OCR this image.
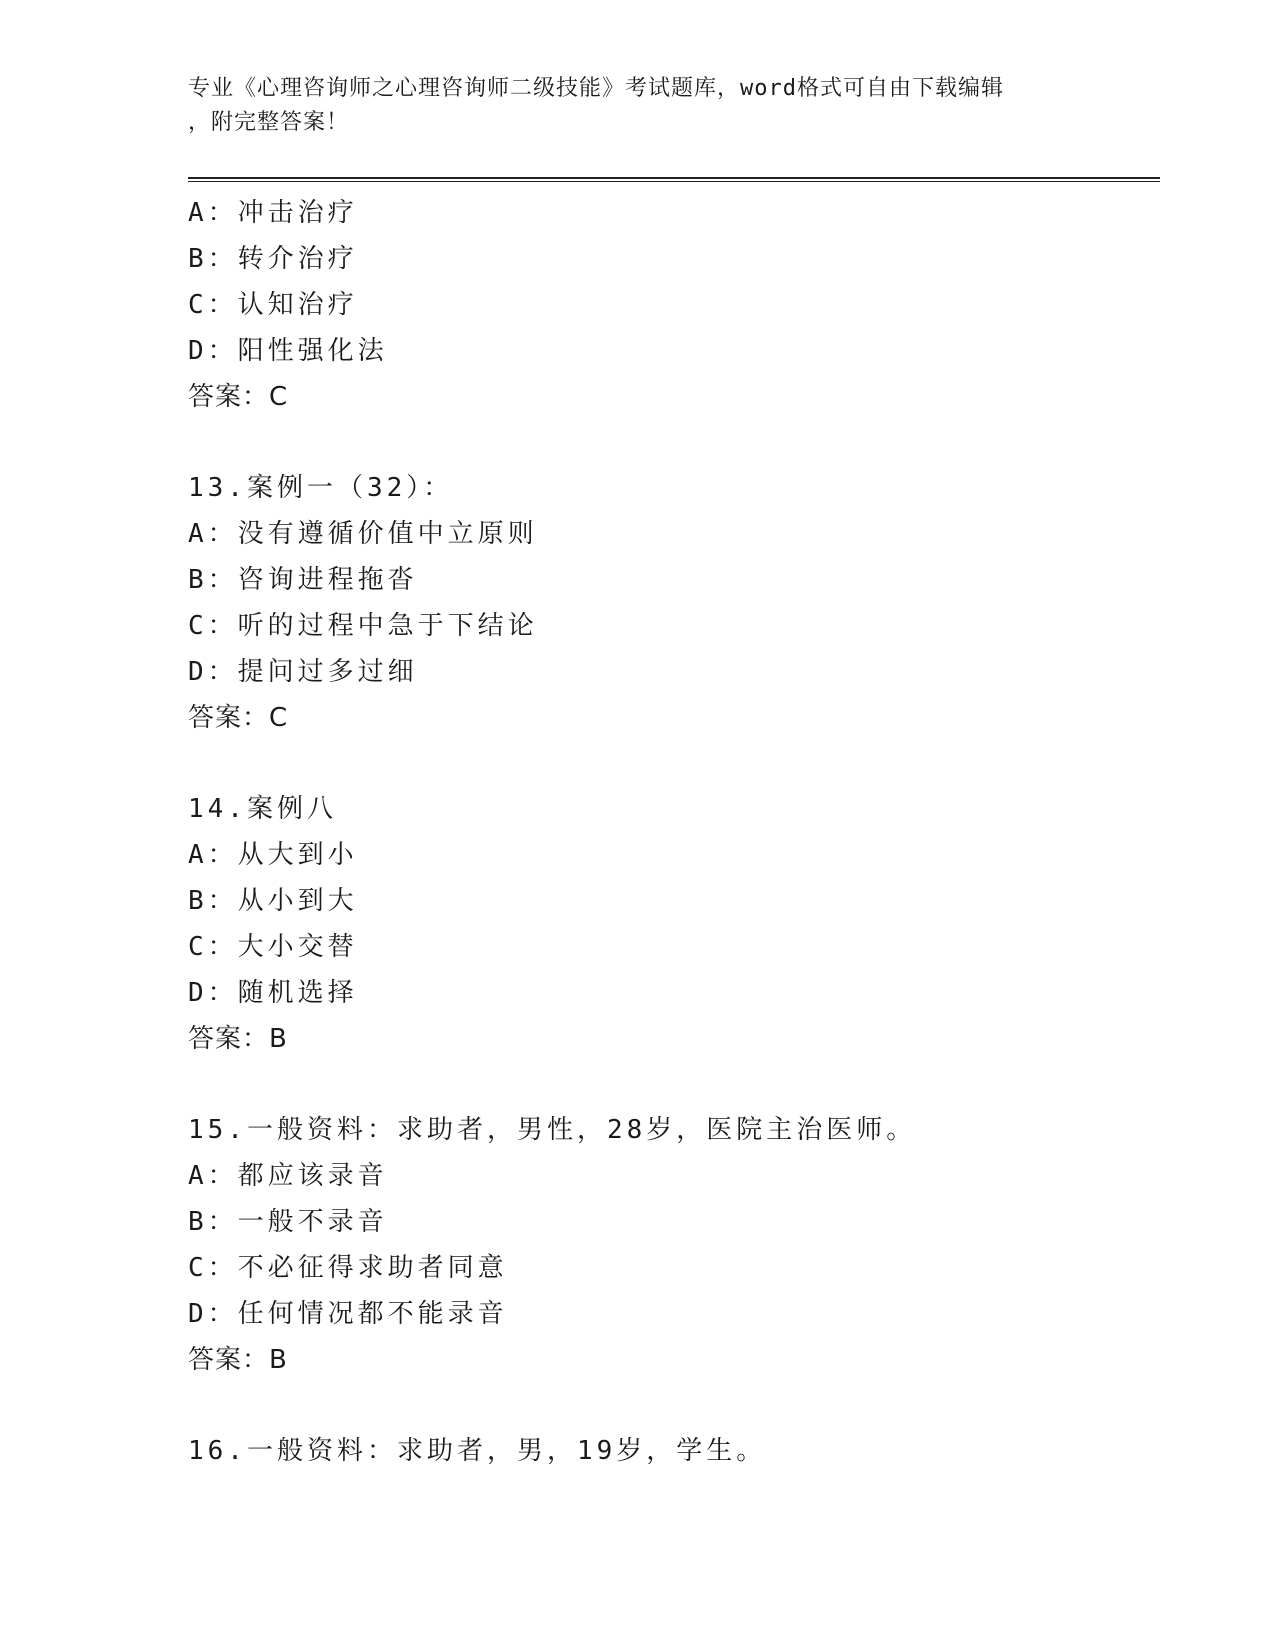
专业《心理咨询师之心理咨询师二级技能》考试题库，word格式可自由下载编辑
，附完整答案！
A：冲击治疗
B：转介治疗
C：认知治疗
D：阳性强化法
答案：C
13.案例一（32）：
A：没有遵循价值中立原则
B：咨询进程拖沓
C：听的过程中急于下结论
D：提问过多过细
答案：C
14.案例八
A：从大到小
B：从小到大
C：大小交替
D：随机选择
答案：B
15.一般资料：求助者，男性，28岁，医院主治医师。
A：都应该录音
B：一般不录音
C：不必征得求助者同意
D：任何情况都不能录音
答案：B
16.一般资料：求助者，男，19岁，学生。
